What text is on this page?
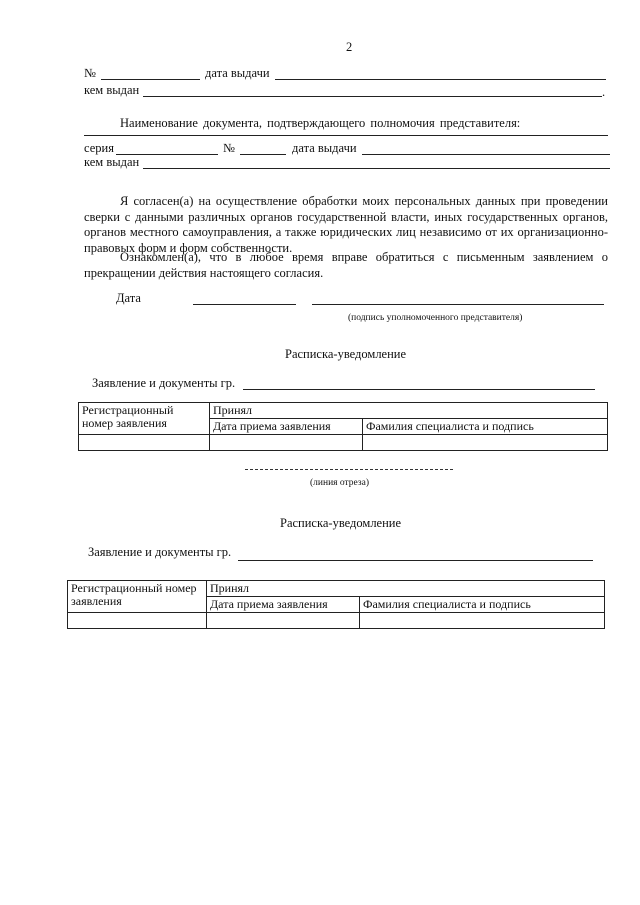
2
№	дата выдачи
кем выдан	.
Наименование документа, подтверждающего полномочия представителя:
серия	№	дата выдачи
кем выдан
Я согласен(а) на осуществление обработки моих персональных данных при проведении сверки с данными различных органов государственной власти, иных государственных органов, органов местного самоуправления, а также юридических лиц независимо от их организационно-правовых форм и форм собственности.
Ознакомлен(а), что в любое время вправе обратиться с письменным заявлением о прекращении действия настоящего согласия.
Дата
(подпись уполномоченного представителя)
Расписка-уведомление
Заявление и документы гр.
Регистрационный номер заявления	Принял	
	Дата приема заявления	Фамилия специалиста и подпись

(линия отреза)
Расписка-уведомление
Заявление и документы гр.
Регистрационный номер заявления	Принял	
	Дата приема заявления	Фамилия специалиста и подпись
